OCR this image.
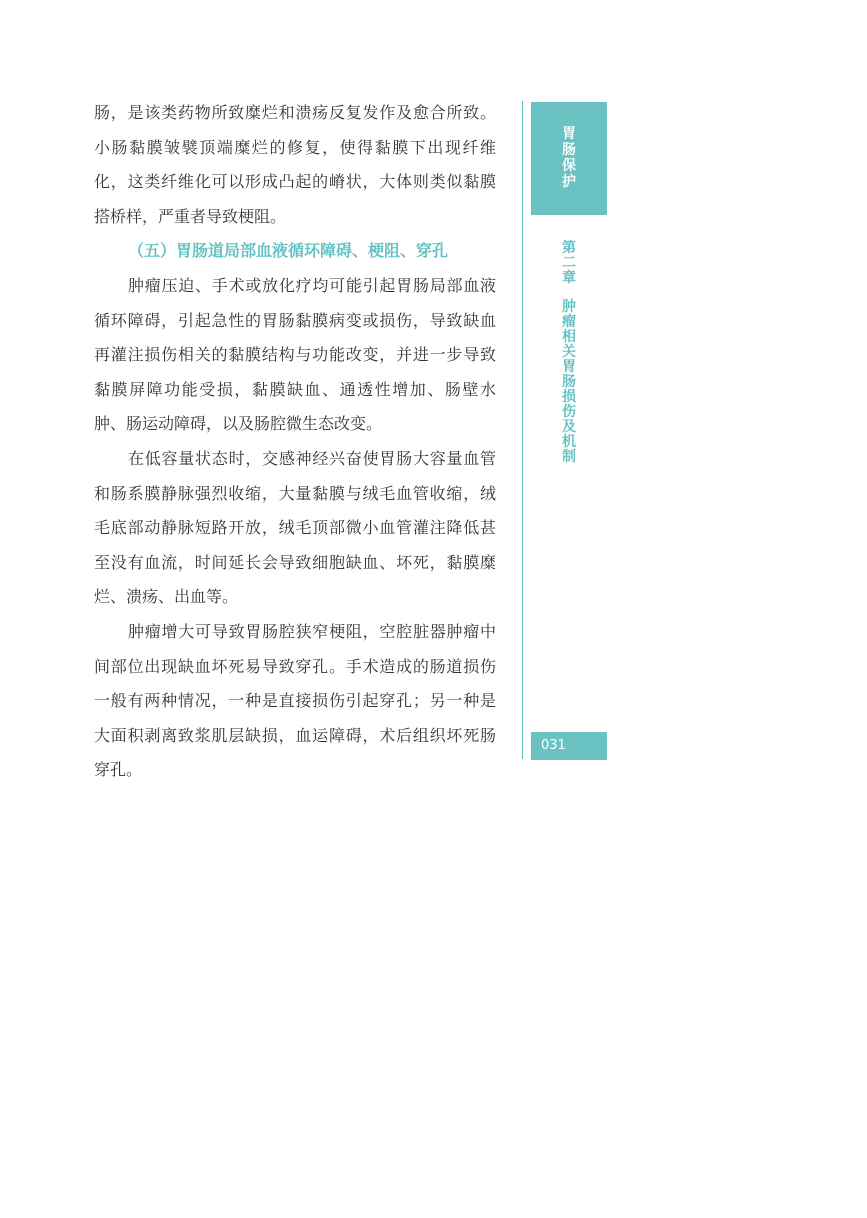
肠，是该类药物所致糜烂和溃疡反复发作及愈合所致。
小肠黏膜皱襞顶端糜烂的修复，使得黏膜下出现纤维
化，这类纤维化可以形成凸起的嵴状，大体则类似黏膜
搭桥样，严重者导致梗阻。
（五）胃肠道局部血液循环障碍、梗阻、穿孔
肿瘤压迫、手术或放化疗均可能引起胃肠局部血液
循环障碍，引起急性的胃肠黏膜病变或损伤，导致缺血
再灌注损伤相关的黏膜结构与功能改变，并进一步导致
黏膜屏障功能受损，黏膜缺血、通透性增加、肠壁水
肿、肠运动障碍，以及肠腔微生态改变。
在低容量状态时，交感神经兴奋使胃肠大容量血管
和肠系膜静脉强烈收缩，大量黏膜与绒毛血管收缩，绒
毛底部动静脉短路开放，绒毛顶部微小血管灌注降低甚
至没有血流，时间延长会导致细胞缺血、坏死，黏膜糜
烂、溃疡、出血等。
肿瘤增大可导致胃肠腔狭窄梗阻，空腔脏器肿瘤中
间部位出现缺血坏死易导致穿孔。手术造成的肠道损伤
一般有两种情况，一种是直接损伤引起穿孔；另一种是
大面积剥离致浆肌层缺损，血运障碍，术后组织坏死肠
穿孔。
胃
肠
保
护
第
二
章
肿
瘤
相
关
胃
肠
损
伤
及
机
制
031
